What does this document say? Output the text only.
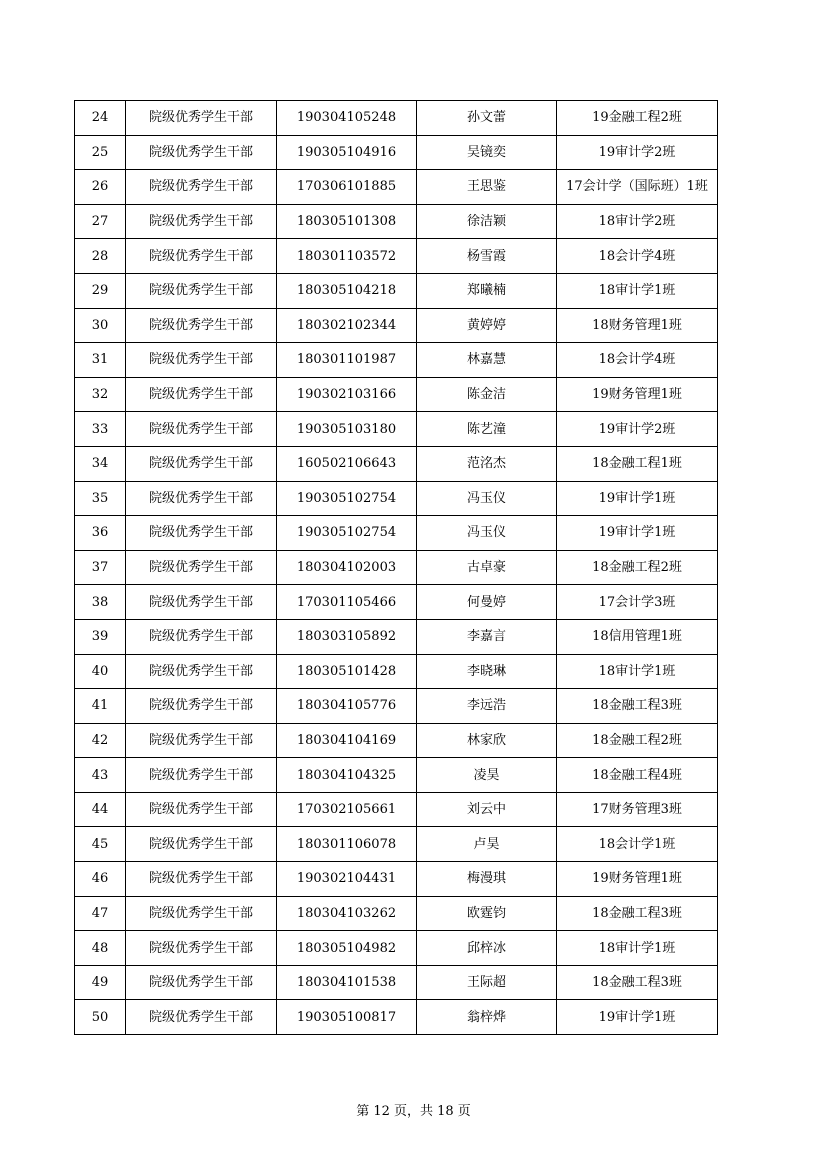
24	院级优秀学生干部	190304105248	孙文蕾	19金融工程2班
25	院级优秀学生干部	190305104916	吴镜奕	19审计学2班
26	院级优秀学生干部	170306101885	王思鉴	17会计学（国际班）1班
27	院级优秀学生干部	180305101308	徐洁颖	18审计学2班
28	院级优秀学生干部	180301103572	杨雪霞	18会计学4班
29	院级优秀学生干部	180305104218	郑曦楠	18审计学1班
30	院级优秀学生干部	180302102344	黄婷婷	18财务管理1班
31	院级优秀学生干部	180301101987	林嘉慧	18会计学4班
32	院级优秀学生干部	190302103166	陈金洁	19财务管理1班
33	院级优秀学生干部	190305103180	陈艺潼	19审计学2班
34	院级优秀学生干部	160502106643	范洺杰	18金融工程1班
35	院级优秀学生干部	190305102754	冯玉仪	19审计学1班
36	院级优秀学生干部	190305102754	冯玉仪	19审计学1班
37	院级优秀学生干部	180304102003	古卓豪	18金融工程2班
38	院级优秀学生干部	170301105466	何曼婷	17会计学3班
39	院级优秀学生干部	180303105892	李嘉言	18信用管理1班
40	院级优秀学生干部	180305101428	李晓琳	18审计学1班
41	院级优秀学生干部	180304105776	李远浩	18金融工程3班
42	院级优秀学生干部	180304104169	林家欣	18金融工程2班
43	院级优秀学生干部	180304104325	凌昊	18金融工程4班
44	院级优秀学生干部	170302105661	刘云中	17财务管理3班
45	院级优秀学生干部	180301106078	卢昊	18会计学1班
46	院级优秀学生干部	190302104431	梅漫琪	19财务管理1班
47	院级优秀学生干部	180304103262	欧霆钧	18金融工程3班
48	院级优秀学生干部	180305104982	邱梓冰	18审计学1班
49	院级优秀学生干部	180304101538	王际超	18金融工程3班
50	院级优秀学生干部	190305100817	翁梓烨	19审计学1班
第 12 页，共 18 页
